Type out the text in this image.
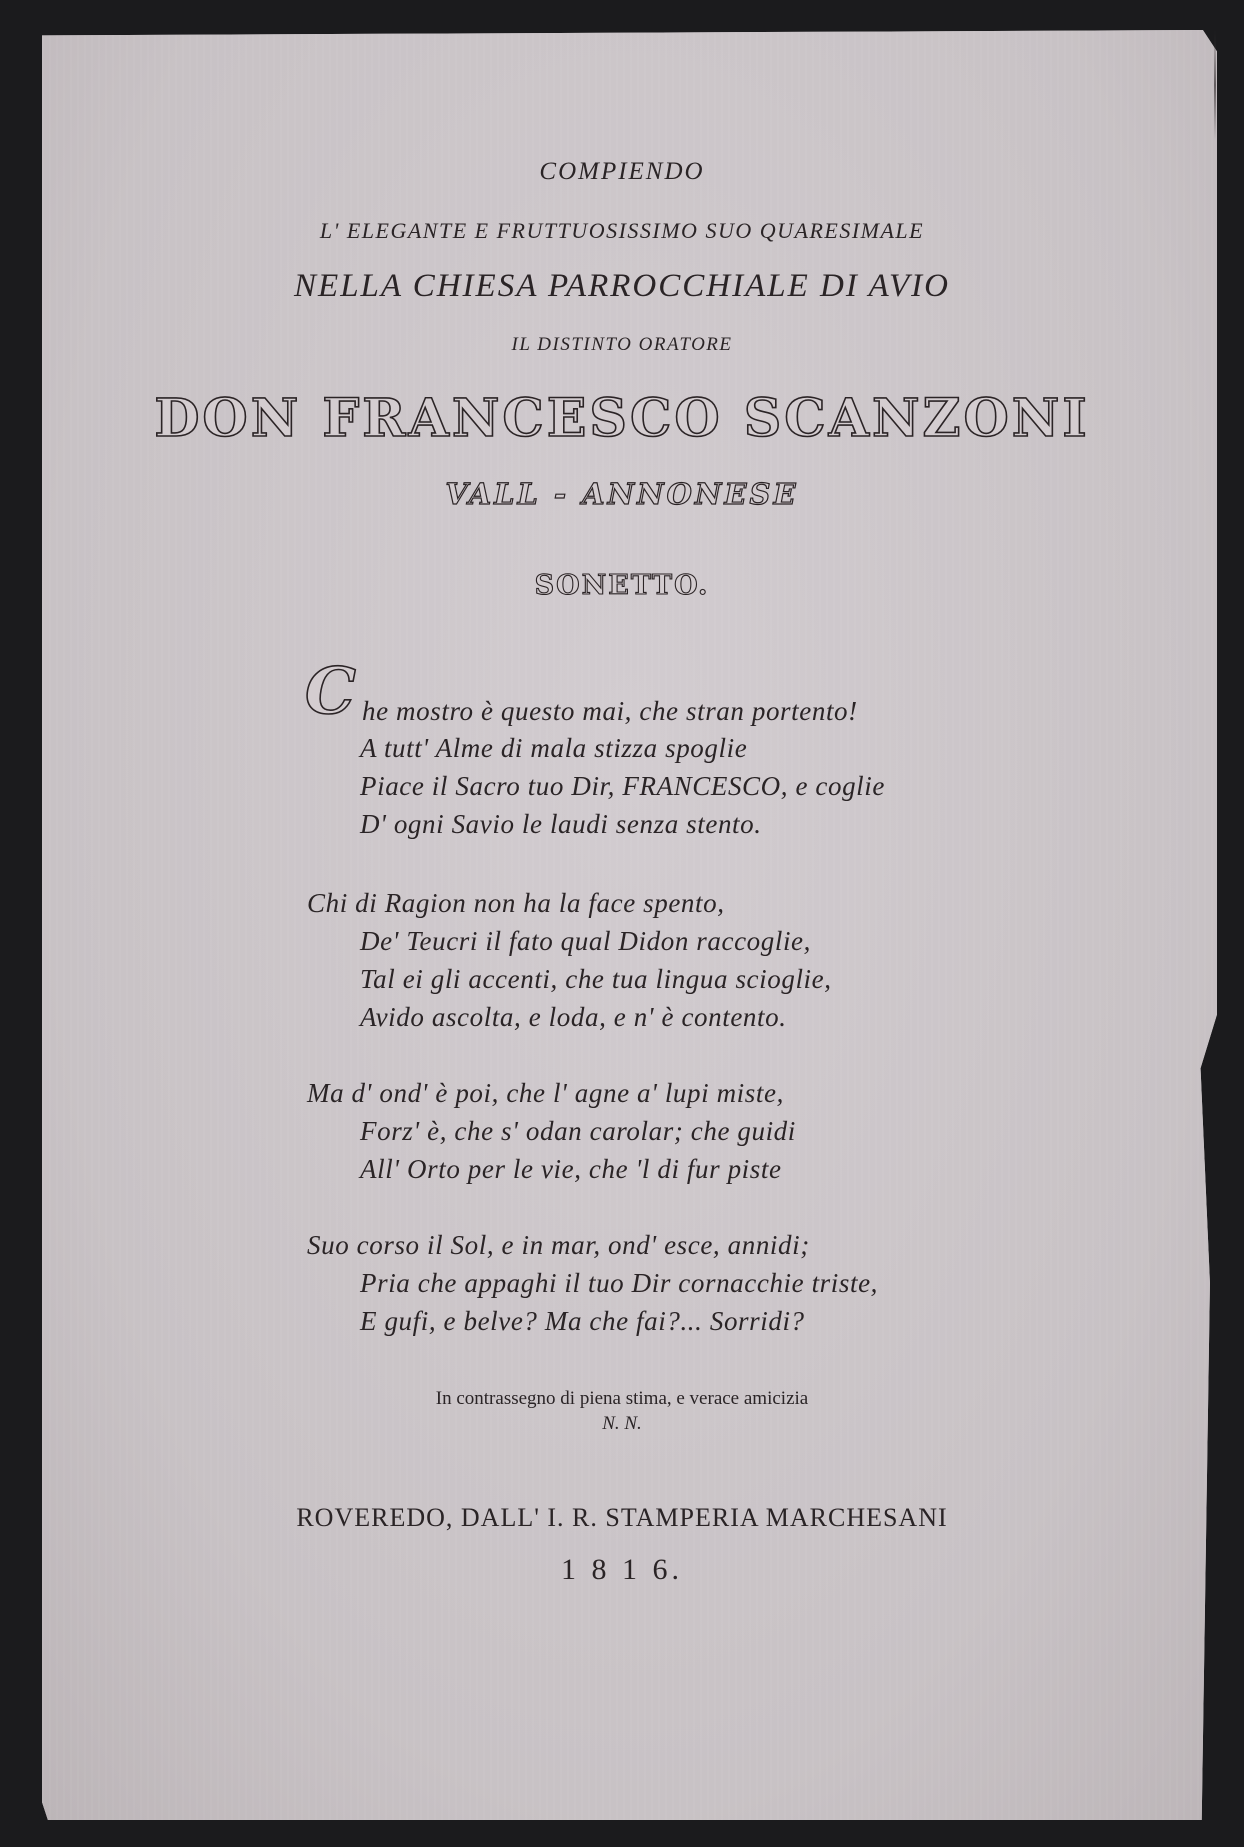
COMPIENDO
L' ELEGANTE E FRUTTUOSISSIMO SUO QUARESIMALE
NELLA CHIESA PARROCCHIALE DI AVIO
IL DISTINTO ORATORE
DON FRANCESCO SCANZONI
VALL - ANNONESE
SONETTO.
C he mostro è questo mai, che stran portento!
A tutt' Alme di mala stizza spoglie
Piace il Sacro tuo Dir, FRANCESCO, e coglie
D' ogni Savio le laudi senza stento.
Chi di Ragion non ha la face spento,
De' Teucri il fato qual Didon raccoglie,
Tal ei gli accenti, che tua lingua scioglie,
Avido ascolta, e loda, e n' è contento.
Ma d' ond' è poi, che l' agne a' lupi miste,
Forz' è, che s' odan carolar; che guidi
All' Orto per le vie, che 'l di fur piste
Suo corso il Sol, e in mar, ond' esce, annidi;
Pria che appaghi il tuo Dir cornacchie triste,
E gufi, e belve? Ma che fai?... Sorridi?
In contrassegno di piena stima, e verace amicizia
N. N.
ROVEREDO, DALL' I. R. STAMPERIA MARCHESANI
1 8 1 6.
